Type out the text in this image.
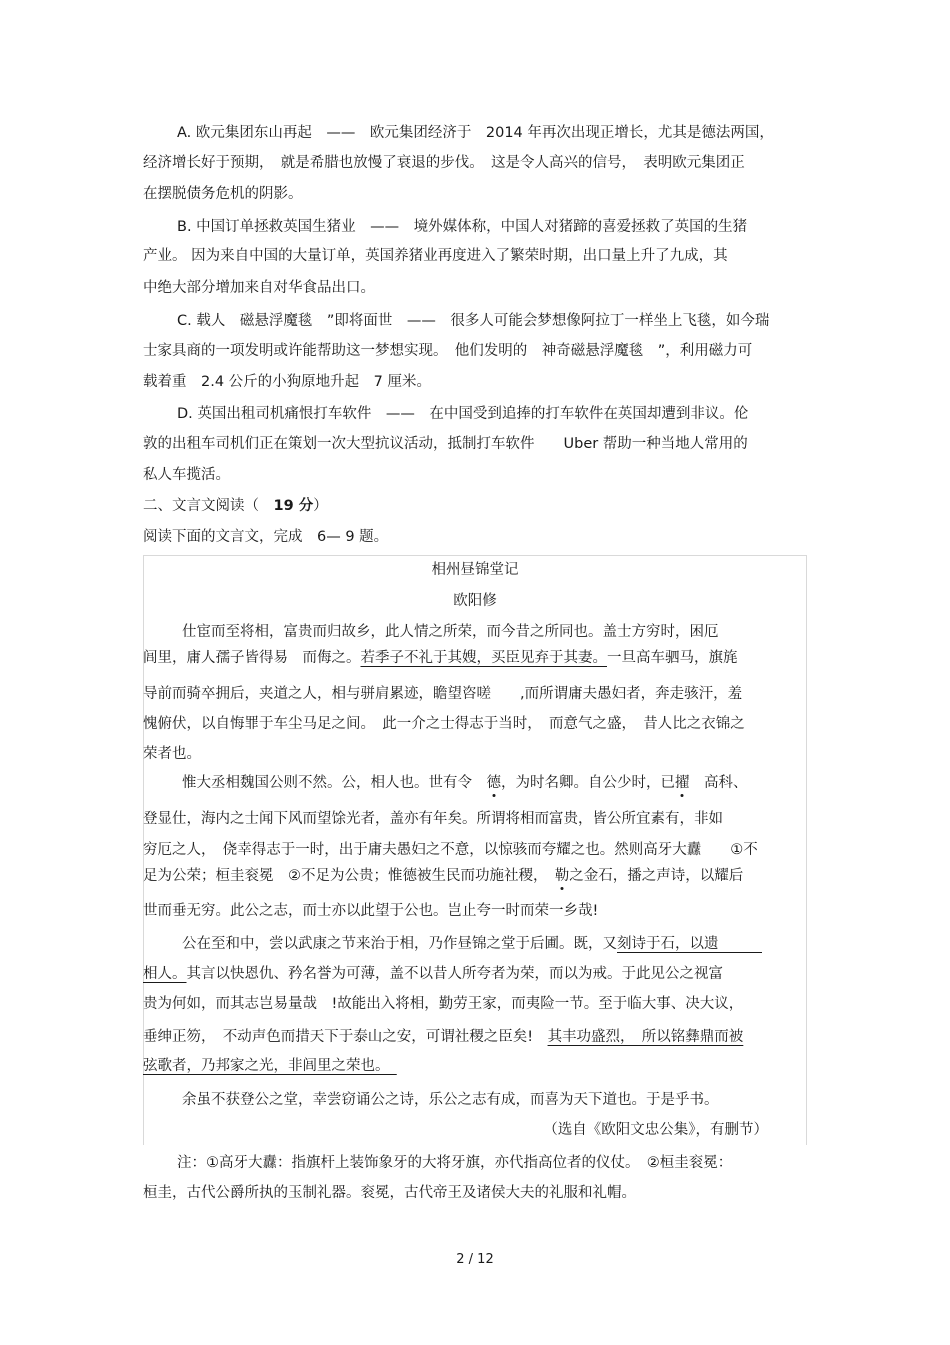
A. 欧元集团东山再起　——　欧元集团经济于　2014 年再次出现正增长，尤其是德法两国，
经济增长好于预期，　就是希腊也放慢了衰退的步伐。　这是令人高兴的信号，　表明欧元集团正
在摆脱债务危机的阴影。
B. 中国订单拯救英国生猪业　——　境外媒体称，中国人对猪蹄的喜爱拯救了英国的生猪
产业。 因为来自中国的大量订单，英国养猪业再度进入了繁荣时期，出口量上升了九成，其
中绝大部分增加来自对华食品出口。
C. 载人　磁悬浮魔毯　”即将面世　——　很多人可能会梦想像阿拉丁一样坐上飞毯，如今瑞
士家具商的一项发明或许能帮助这一梦想实现。　他们发明的　神奇磁悬浮魔毯　”，利用磁力可
载着重　2.4 公斤的小狗原地升起　7 厘米。
D. 英国出租司机痛恨打车软件　——　在中国受到追捧的打车软件在英国却遭到非议。伦
敦的出租车司机们正在策划一次大型抗议活动，抵制打车软件　　Uber 帮助一种当地人常用的
私人车揽活。
二、文言文阅读（　19 分）
阅读下面的文言文，完成　6— 9 题。
相州昼锦堂记
欧阳修
仕宦而至将相，富贵而归故乡，此人情之所荣，而今昔之所同也。盖士方穷时，困厄
闾里，庸人孺子皆得易　而侮之。若季子不礼于其嫂，买臣见弃于其妻。一旦高车驷马，旗旄
导前而骑卒拥后，夹道之人，相与骈肩累迹，瞻望咨嗟　　,而所谓庸夫愚妇者，奔走骇汗，羞
愧俯伏，以自悔罪于车尘马足之间。　此一介之士得志于当时，　而意气之盛，　昔人比之衣锦之
荣者也。
惟大丞相魏国公则不然。公，相人也。世有令　 德，为时名卿。自公少时，已擢　 高科、
登显仕，海内之士闻下风而望馀光者，盖亦有年矣。所谓将相而富贵，皆公所宜素有，非如
穷厄之人，　侥幸得志于一时，出于庸夫愚妇之不意，以惊骇而夸耀之也。然则高牙大纛　　①不
足为公荣；桓圭衮冕　②不足为公贵；惟德被生民而功施社稷，　 勒之金石，播之声诗，以耀后
世而垂无穷。此公之志，而士亦以此望于公也。岂止夸一时而荣一乡哉!
公在至和中，尝以武康之节来治于相，乃作昼锦之堂于后圃。既，又刻诗于石，以遗　　　
相人。其言以快恩仇、矜名誉为可薄，盖不以昔人所夸者为荣，而以为戒。于此见公之视富
贵为何如，而其志岂易量哉　!故能出入将相，勤劳王家，而夷险一节。至于临大事、决大议，
垂绅正笏，　不动声色而措天下于泰山之安，可谓社稷之臣矣!　其丰功盛烈，　所以铭彝鼎而被
弦歌者，乃邦家之光，非闾里之荣也。　
余虽不获登公之堂，幸尝窃诵公之诗，乐公之志有成，而喜为天下道也。于是乎书。
（选自《欧阳文忠公集》，有删节）
注：①高牙大纛：指旗杆上装饰象牙的大将牙旗，亦代指高位者的仪仗。　②桓圭衮冕：
桓圭，古代公爵所执的玉制礼器。衮冕，古代帝王及诸侯大夫的礼服和礼帽。
2 / 12
